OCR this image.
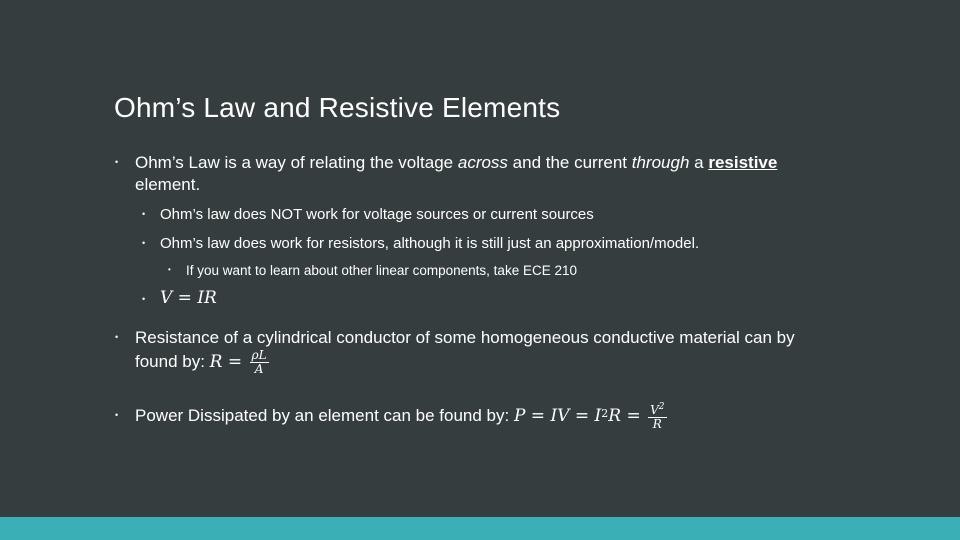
Ohm’s Law and Resistive Elements
• Ohm’s Law is a way of relating the voltage across and the current through a resistive
element.
• Ohm’s law does NOT work for voltage sources or current sources
• Ohm’s law does work for resistors, although it is still just an approximation/model.
• If you want to learn about other linear components, take ECE 210
• V = IR
• Resistance of a cylindrical conductor of some homogeneous conductive material can by
found by: $R = \frac{\rho L}{A}$
• Power Dissipated by an element can be found by: P = IV = $I^2$ $R = \frac{V^2}{R}$
